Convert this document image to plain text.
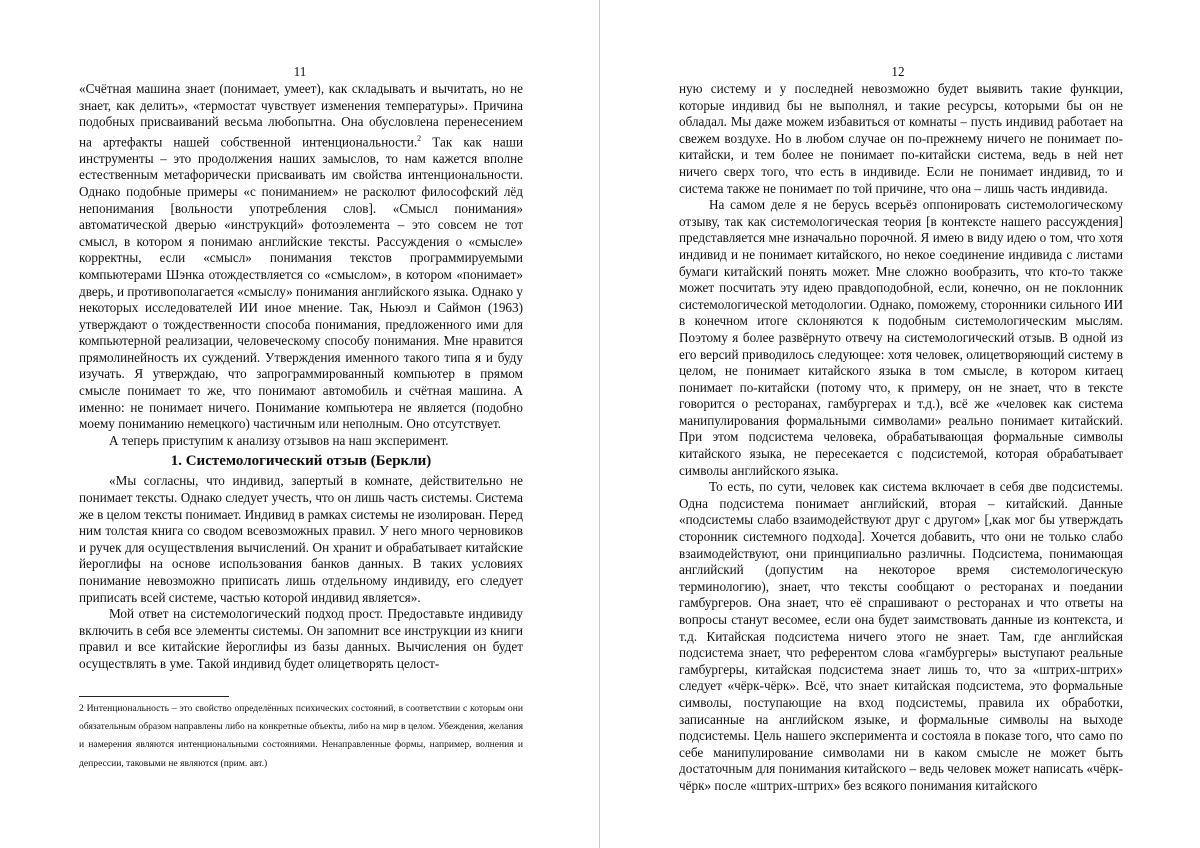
11

«Счётная машина знает (понимает, умеет), как складывать и вычитать, но не знает, как делить», «термостат чувствует изменения температуры». Причина подобных присваиваний весьма любопытна. Она обусловлена перенесением на артефакты нашей собственной интенциональности.$^2$ Так как наши инструменты – это продолжения наших замыслов, то нам кажется вполне естественным метафорически присваивать им свойства интенциональности. Однако подобные примеры «с пониманием» не расколют философский лёд непонимания [вольности употребления слов]. «Смысл понимания» автоматической дверью «инструкций» фотоэлемента – это совсем не тот смысл, в котором я понимаю английские тексты. Рассуждения о «смысле» корректны, если «смысл» понимания текстов программируемыми компьютерами Шэнка отождествляется со «смыслом», в котором «понимает» дверь, и противополагается «смыслу» понимания английского языка. Однако у некоторых исследователей ИИ иное мнение. Так, Ньюэл и Саймон (1963) утверждают о тождественности способа понимания, предложенного ими для компьютерной реализации, человеческому способу понимания. Мне нравится прямолинейность их суждений. Утверждения именного такого типа я и буду изучать. Я утверждаю, что запрограммированный компьютер в прямом смысле понимает то же, что понимают автомобиль и счётная машина. А именно: не понимает ничего. Понимание компьютера не является (подобно моему пониманию немецкого) частичным или неполным. Оно отсутствует.

А теперь приступим к анализу отзывов на наш эксперимент.

1. Системологический отзыв (Беркли)

«Мы согласны, что индивид, запертый в комнате, действительно не понимает тексты. Однако следует учесть, что он лишь часть системы. Система же в целом тексты понимает. Индивид в рамках системы не изолирован. Перед ним толстая книга со сводом всевозможных правил. У него много черновиков и ручек для осуществления вычислений. Он хранит и обрабатывает китайские йероглифы на основе использования банков данных. В таких условиях понимание невозможно приписать лишь отдельному индивиду, его следует приписать всей системе, частью которой индивид является».

Мой ответ на системологический подход прост. Предоставьте индивиду включить в себя все элементы системы. Он запомнит все инструкции из книги правил и все китайские йероглифы из базы данных. Вычисления он будет осуществлять в уме. Такой индивид будет олицетворять целост-

2 Интенциональность – это свойство определённых психических состояний, в соответствии с которым они обязательным образом направлены либо на конкретные объекты, либо на мир в целом. Убеждения, желания и намерения являются интенциональными состояниями. Ненаправленные формы, например, волнения и депрессии, таковыми не являются (прим. авт.)
12

ную систему и у последней невозможно будет выявить такие функции, которые индивид бы не выполнял, и такие ресурсы, которыми бы он не обладал. Мы даже можем избавиться от комнаты – пусть индивид работает на свежем воздухе. Но в любом случае он по-прежнему ничего не понимает по-китайски, и тем более не понимает по-китайски система, ведь в ней нет ничего сверх того, что есть в индивиде. Если не понимает индивид, то и система также не понимает по той причине, что она – лишь часть индивида.

На самом деле я не берусь всерьёз оппонировать системологическому отзыву, так как системологическая теория [в контексте нашего рассуждения] представляется мне изначально порочной. Я имею в виду идею о том, что хотя индивид и не понимает китайского, но некое соединение индивида с листами бумаги китайский понять может. Мне сложно вообразить, что кто-то также может посчитать эту идею правдоподобной, если, конечно, он не поклонник системологической методологии. Однако, поможему, сторонники сильного ИИ в конечном итоге склоняются к подобным системологическим мыслям. Поэтому я более развёрнуто отвечу на системологический отзыв. В одной из его версий приводилось следующее: хотя человек, олицетворяющий систему в целом, не понимает китайского языка в том смысле, в котором китаец понимает по-китайски (потому что, к примеру, он не знает, что в тексте говорится о ресторанах, гамбургерах и т.д.), всё же «человек как система манипулирования формальными символами» реально понимает китайский. При этом подсистема человека, обрабатывающая формальные символы китайского языка, не пересекается с подсистемой, которая обрабатывает символы английского языка.

То есть, по сути, человек как система включает в себя две подсистемы. Одна подсистема понимает английский, вторая – китайский. Данные «подсистемы слабо взаимодействуют друг с другом» [,как мог бы утверждать сторонник системного подхода]. Хочется добавить, что они не только слабо взаимодействуют, они принципиально различны. Подсистема, понимающая английский (допустим на некоторое время системологическую терминологию), знает, что тексты сообщают о ресторанах и поедании гамбургеров. Она знает, что её спрашивают о ресторанах и что ответы на вопросы станут весомее, если она будет заимствовать данные из контекста, и т.д. Китайская подсистема ничего этого не знает. Там, где английская подсистема знает, что референтом слова «гамбургеры» выступают реальные гамбургеры, китайская подсистема знает лишь то, что за «штрих-штрих» следует «чёрк-чёрк». Всё, что знает китайская подсистема, это формальные символы, поступающие на вход подсистемы, правила их обработки, записанные на английском языке, и формальные символы на выходе подсистемы. Цель нашего эксперимента и состояла в показе того, что само по себе манипулирование символами ни в каком смысле не может быть достаточным для понимания китайского – ведь человек может написать «чёрк-чёрк» после «штрих-штрих» без всякого понимания китайского
